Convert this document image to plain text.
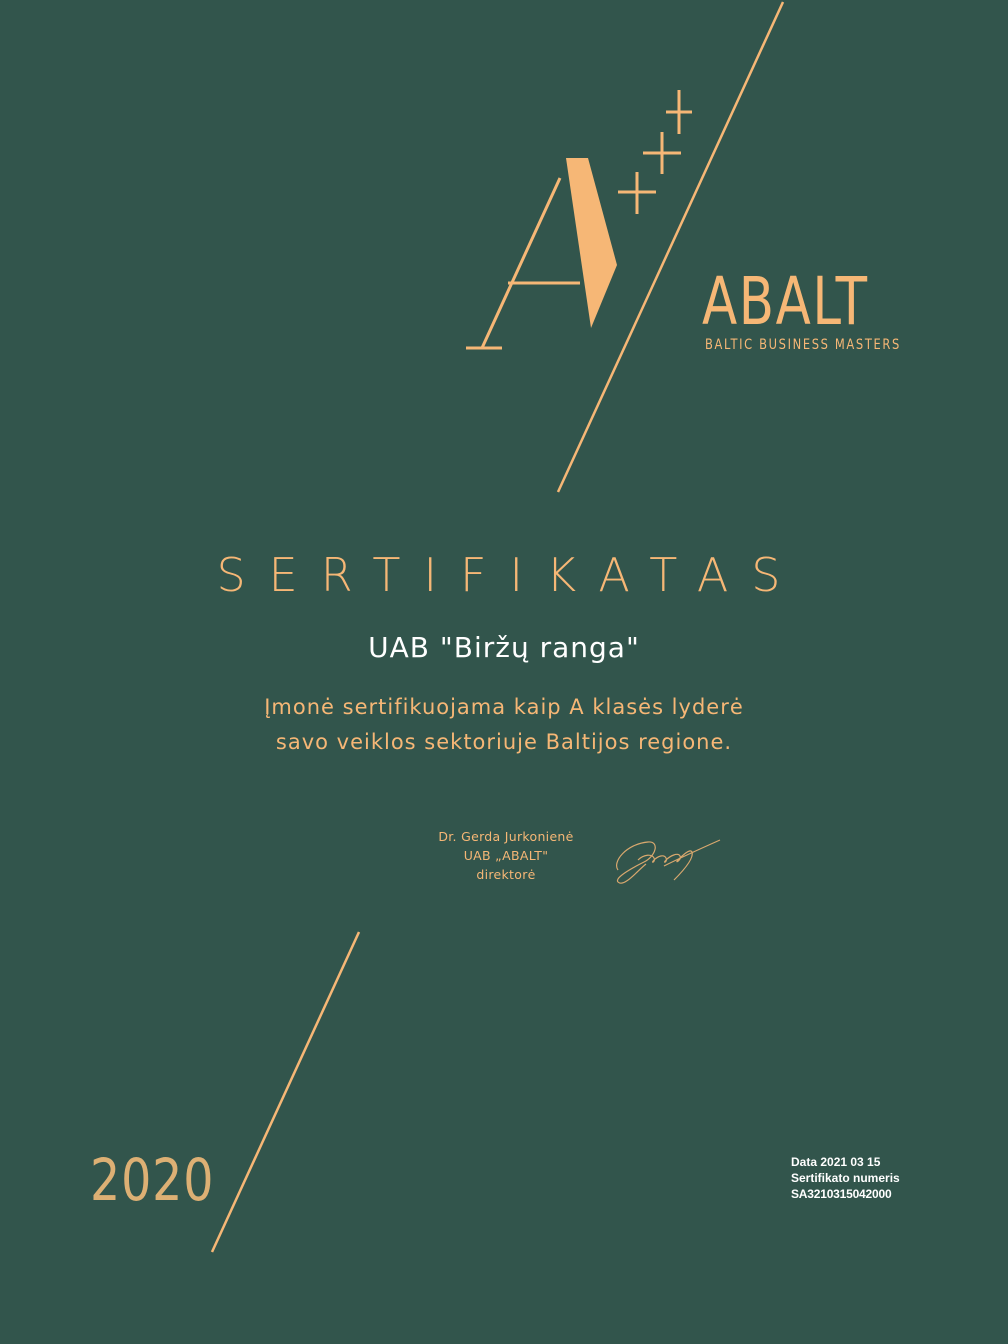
ABALT
BALTIC BUSINESS MASTERS
SERTIFIKATAS
UAB "Biržų ranga"
Įmonė sertifikuojama kaip A klasės lyderė
savo veiklos sektoriuje Baltijos regione.
Dr. Gerda Jurkonienė
UAB „ABALT"
direktorė
2020	Data 2021 03 15
Sertifikato numeris
SA3210315042000
